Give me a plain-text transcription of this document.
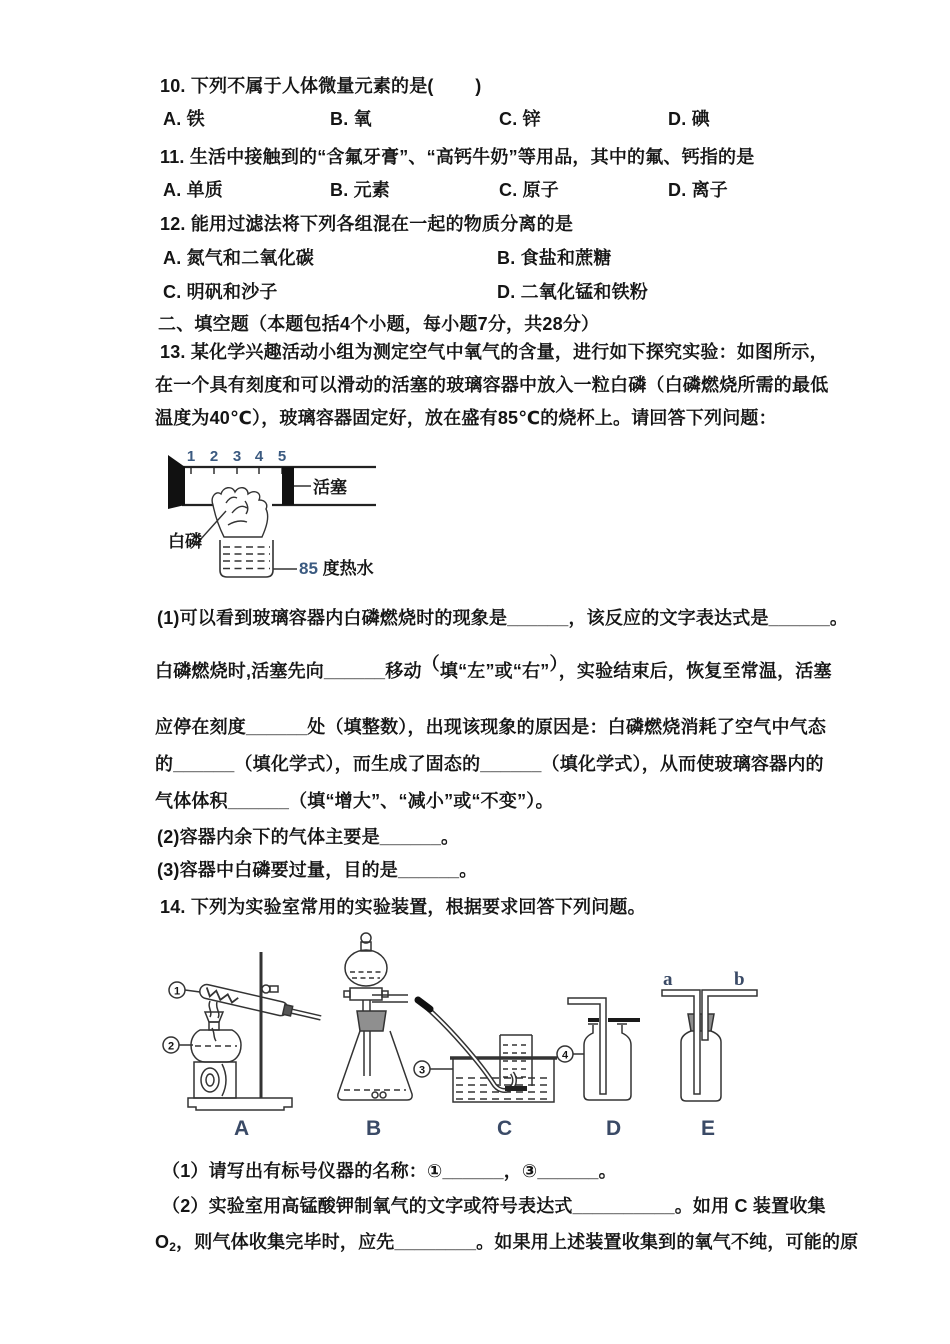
10. 下列不属于人体微量元素的是(        )
A. 铁	B. 氧	C. 锌	D. 碘
11. 生活中接触到的“含氟牙膏”、“高钙牛奶”等用品，其中的氟、钙指的是
A. 单质	B. 元素	C. 原子	D. 离子
12. 能用过滤法将下列各组混在一起的物质分离的是
A. 氮气和二氧化碳	B. 食盐和蔗糖
C. 明矾和沙子	D. 二氧化锰和铁粉
二、填空题（本题包括4个小题，每小题7分，共28分）
13. 某化学兴趣活动小组为测定空气中氧气的含量，进行如下探究实验：如图所示，
在一个具有刻度和可以滑动的活塞的玻璃容器中放入一粒白磷（白磷燃烧所需的最低
温度为40℃），玻璃容器固定好，放在盛有85℃的烧杯上。请回答下列问题：
1 2 3 4 5
活塞
白磷
85 度热水
(1)可以看到玻璃容器内白磷燃烧时的现象是______，该反应的文字表达式是______。
白磷燃烧时,活塞先向______移动（填“左”或“右”），实验结束后，恢复至常温，活塞
应停在刻度______处（填整数），出现该现象的原因是：白磷燃烧消耗了空气中气态
的______（填化学式），而生成了固态的______（填化学式），从而使玻璃容器内的
气体体积______（填“增大”、“减小”或“不变”）。
(2)容器内余下的气体主要是______。
(3)容器中白磷要过量，目的是______。
14. 下列为实验室常用的实验装置，根据要求回答下列问题。
1
2
3
4
a	b
A	B	C	D	E
（1）请写出有标号仪器的名称：①______，③______。
（2）实验室用高锰酸钾制氧气的文字或符号表达式__________。如用 C 装置收集
O2，则气体收集完毕时，应先________。如果用上述装置收集到的氧气不纯，可能的原
